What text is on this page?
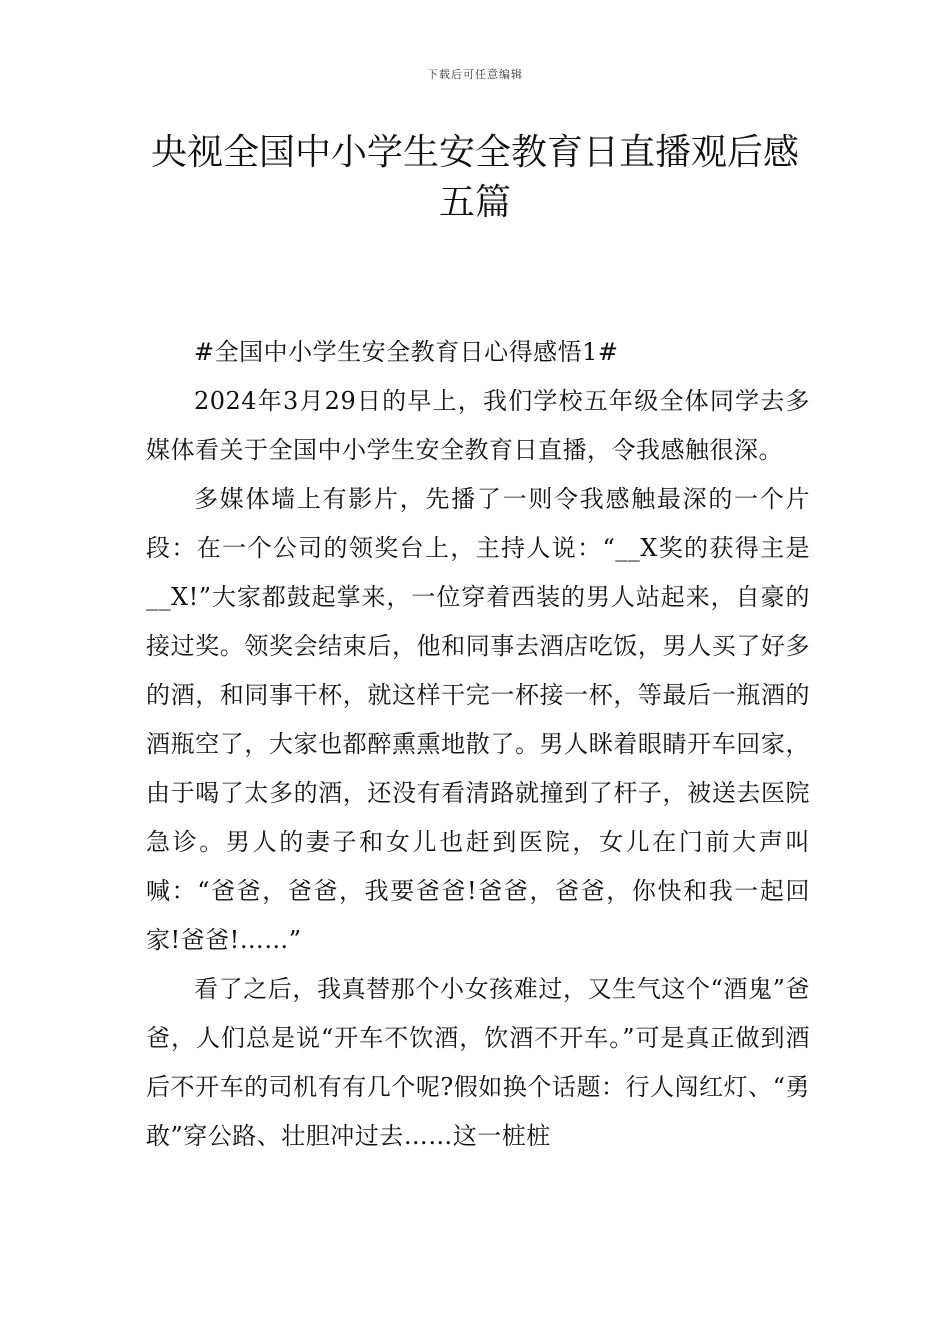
下载后可任意编辑
央视全国中小学生安全教育日直播观后感
五篇

#全国中小学生安全教育日心得感悟1#

2024年3月29日的早上，我们学校五年级全体同学去多媒体看关于全国中小学生安全教育日直播，令我感触很深。

多媒体墙上有影片，先播了一则令我感触最深的一个片段：在一个公司的领奖台上，主持人说：“__X奖的获得主是__X!”大家都鼓起掌来，一位穿着西装的男人站起来，自豪的接过奖。领奖会结束后，他和同事去酒店吃饭，男人买了好多的酒，和同事干杯，就这样干完一杯接一杯，等最后一瓶酒的酒瓶空了，大家也都醉熏熏地散了。男人眯着眼睛开车回家，由于喝了太多的酒，还没有看清路就撞到了杆子，被送去医院急诊。男人的妻子和女儿也赶到医院，女儿在门前大声叫喊：“爸爸，爸爸，我要爸爸!爸爸，爸爸，你快和我一起回家!爸爸!……”

看了之后，我真替那个小女孩难过，又生气这个“酒鬼”爸爸，人们总是说“开车不饮酒，饮酒不开车。”可是真正做到酒后不开车的司机有有几个呢?假如换个话题：行人闯红灯、“勇敢”穿公路、壮胆冲过去……这一桩桩
